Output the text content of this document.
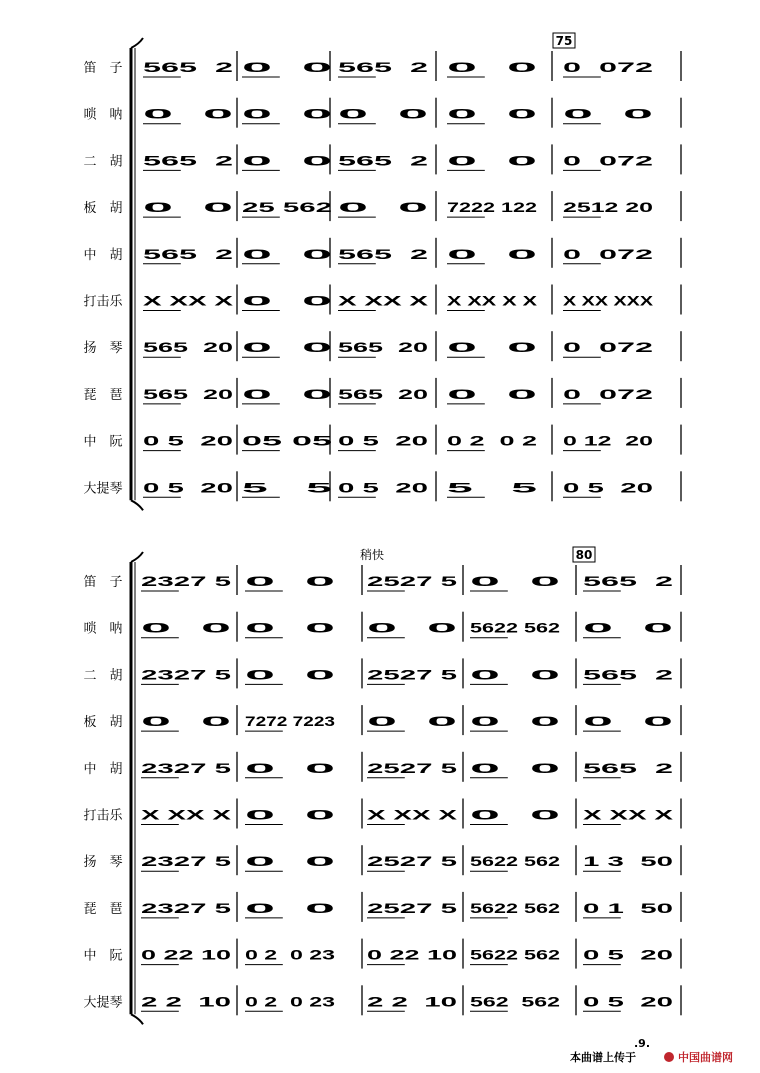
笛　子 565  2 0  0 565  2 0  0 0  072
唢　呐 0  0 0  0 0  0 0  0 0  0
二　胡 565  2 0  0 565  2 0  0 0  072
板　胡 0  0 25 562 0  0 7222 122 2512 20
中　胡 565  2 0  0 565  2 0  0 0  072
打击乐 X XX X 0  0 X XX X X XX X X X XX XXX
扬　琴 565  20 0  0 565  20 0  0 0  072
琵　琶 565  20 0  0 565  20 0  0 0  072
中　阮 0 5  20 05 05 0 5  20 0 2  0 2 0 12  20
大提琴 0 5  20 5   5 0 5  20 5   5 0 5  20
75
笛　子 2327 5 0  0 2527 5 0  0 565  2
唢　呐 0  0 0  0 0  0 5622 562 0  0
二　胡 2327 5 0  0 2527 5 0  0 565  2
板　胡 0  0 7272 7223 0  0 0  0 0  0
中　胡 2327 5 0  0 2527 5 0  0 565  2
打击乐 X XX X 0  0 X XX X 0  0 X XX X
扬　琴 2327 5 0  0 2527 5 5622 562 1 3  50
琵　琶 2327 5 0  0 2527 5 5622 562 0 1  50
中　阮 0 22 10 0 2  0 23 0 22 10 5622 562 0 5  20
大提琴 2 2  10 0 2  0 23 2 2  10 562  562 0 5  20
稍快	80
.9.
本曲谱上传于	中国曲谱网
